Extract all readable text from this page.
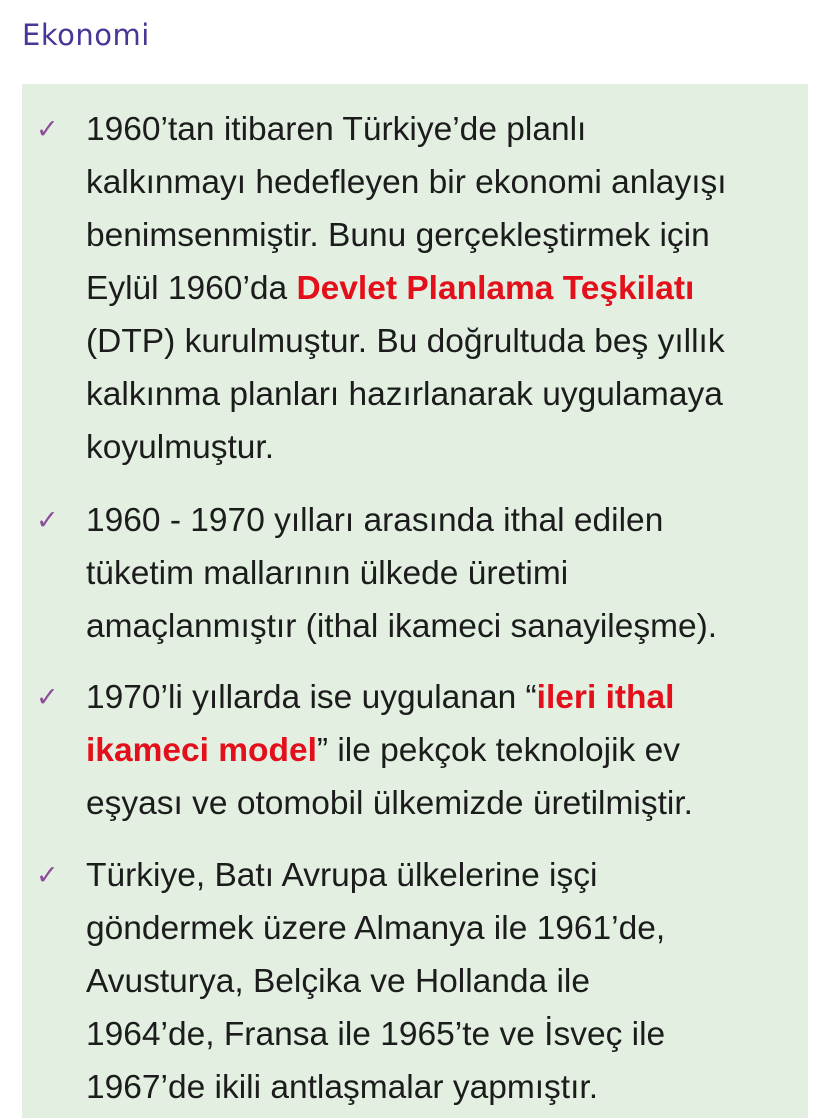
Ekonomi
✓ 1960’tan itibaren Türkiye’de planlı
kalkınmayı hedefleyen bir ekonomi anlayışı
benimsenmiştir. Bunu gerçekleştirmek için
Eylül 1960’da Devlet Planlama Teşkilatı
(DTP) kurulmuştur. Bu doğrultuda beş yıllık
kalkınma planları hazırlanarak uygulamaya
koyulmuştur.

✓ 1960 - 1970 yılları arasında ithal edilen
tüketim mallarının ülkede üretimi
amaçlanmıştır (ithal ikameci sanayileşme).

✓ 1970’li yıllarda ise uygulanan “ileri ithal
ikameci model” ile pekçok teknolojik ev
eşyası ve otomobil ülkemizde üretilmiştir.

✓ Türkiye, Batı Avrupa ülkelerine işçi
göndermek üzere Almanya ile 1961’de,
Avusturya, Belçika ve Hollanda ile
1964’de, Fransa ile 1965’te ve İsveç ile
1967’de ikili antlaşmalar yapmıştır.
